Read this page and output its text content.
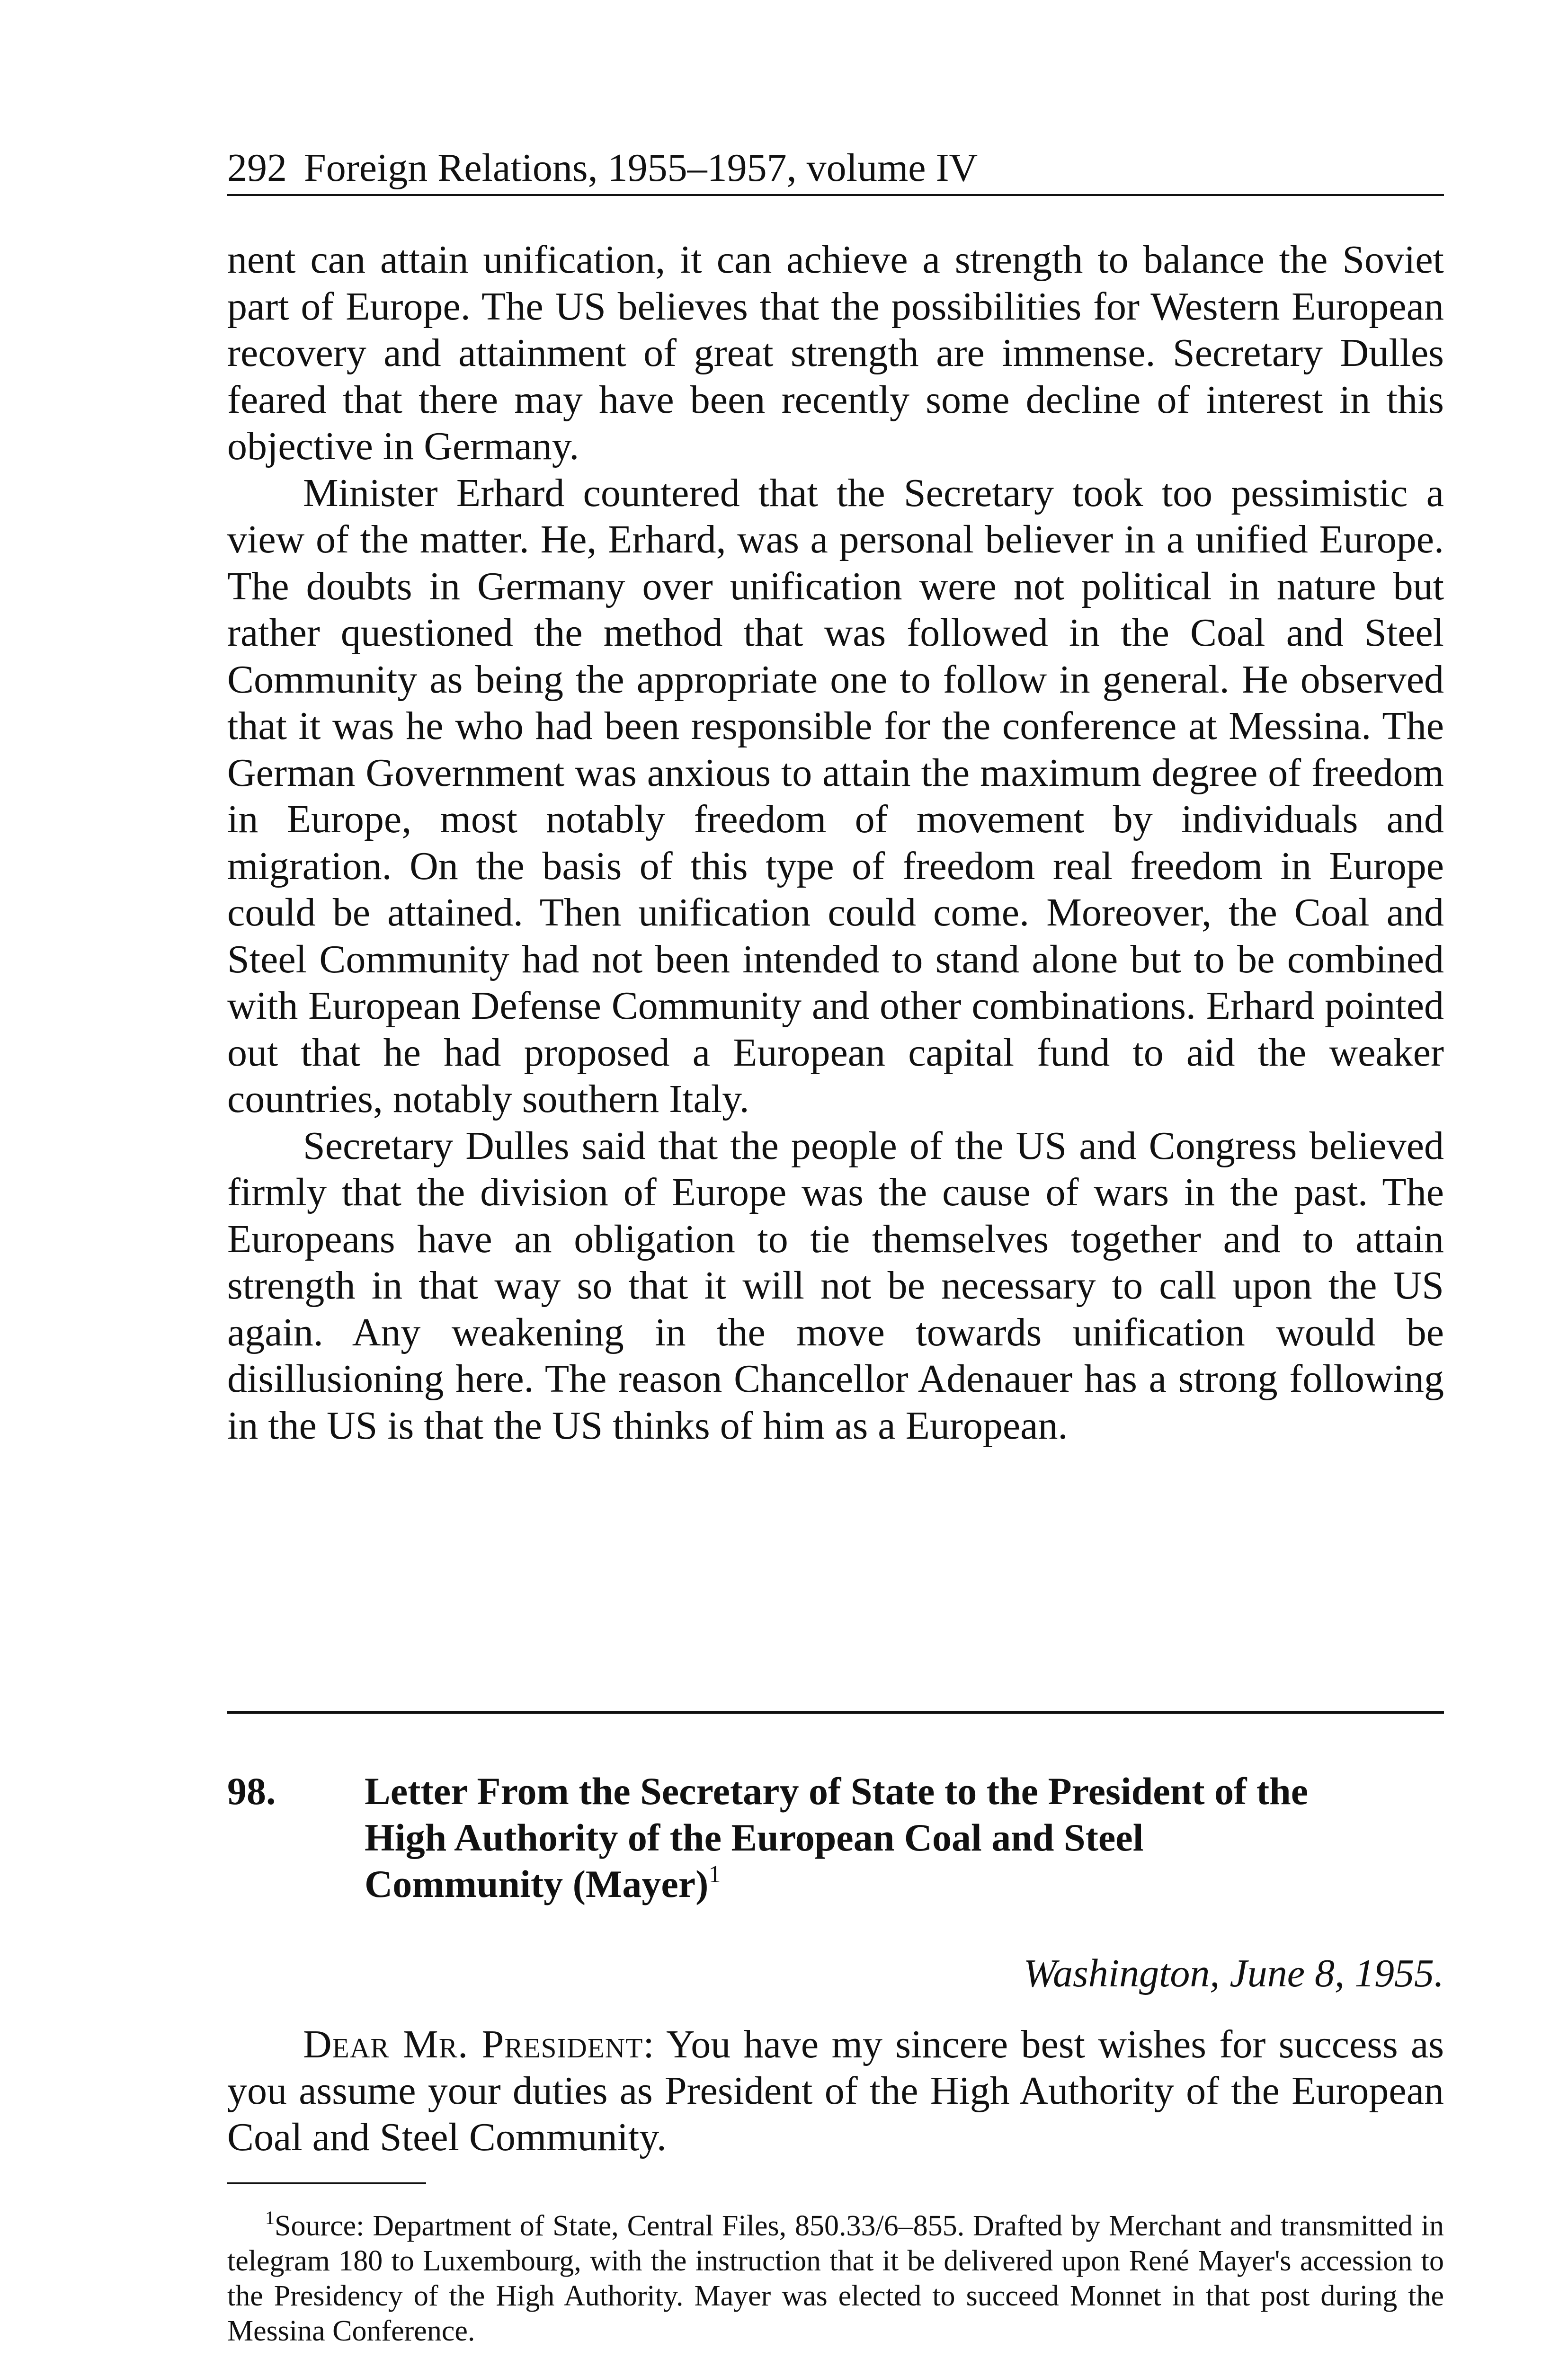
292 Foreign Relations, 1955–1957, volume IV

nent can attain unification, it can achieve a strength to balance the Soviet part of Europe. The US believes that the possibilities for Western European recovery and attainment of great strength are immense. Secretary Dulles feared that there may have been recently some decline of interest in this objective in Germany.

Minister Erhard countered that the Secretary took too pessimistic a view of the matter. He, Erhard, was a personal believer in a unified Europe. The doubts in Germany over unification were not political in nature but rather questioned the method that was followed in the Coal and Steel Community as being the appropriate one to follow in general. He observed that it was he who had been responsible for the conference at Messina. The German Government was anxious to attain the maximum degree of freedom in Europe, most notably freedom of movement by individuals and migration. On the basis of this type of freedom real freedom in Europe could be attained. Then unification could come. Moreover, the Coal and Steel Community had not been intended to stand alone but to be combined with European Defense Community and other combinations. Erhard pointed out that he had proposed a European capital fund to aid the weaker countries, notably southern Italy.

Secretary Dulles said that the people of the US and Congress believed firmly that the division of Europe was the cause of wars in the past. The Europeans have an obligation to tie themselves together and to attain strength in that way so that it will not be necessary to call upon the US again. Any weakening in the move towards unification would be disillusioning here. The reason Chancellor Adenauer has a strong following in the US is that the US thinks of him as a European.

98. Letter From the Secretary of State to the President of the
High Authority of the European Coal and Steel
Community (Mayer)$^1$
Washington, June 8, 1955.

Dear Mr. President: You have my sincere best wishes for success as you assume your duties as President of the High Authority of the European Coal and Steel Community.

$^1$Source: Department of State, Central Files, 850.33/6–855. Drafted by Merchant and transmitted in telegram 180 to Luxembourg, with the instruction that it be delivered upon René Mayer's accession to the Presidency of the High Authority. Mayer was elected to succeed Monnet in that post during the Messina Conference.
